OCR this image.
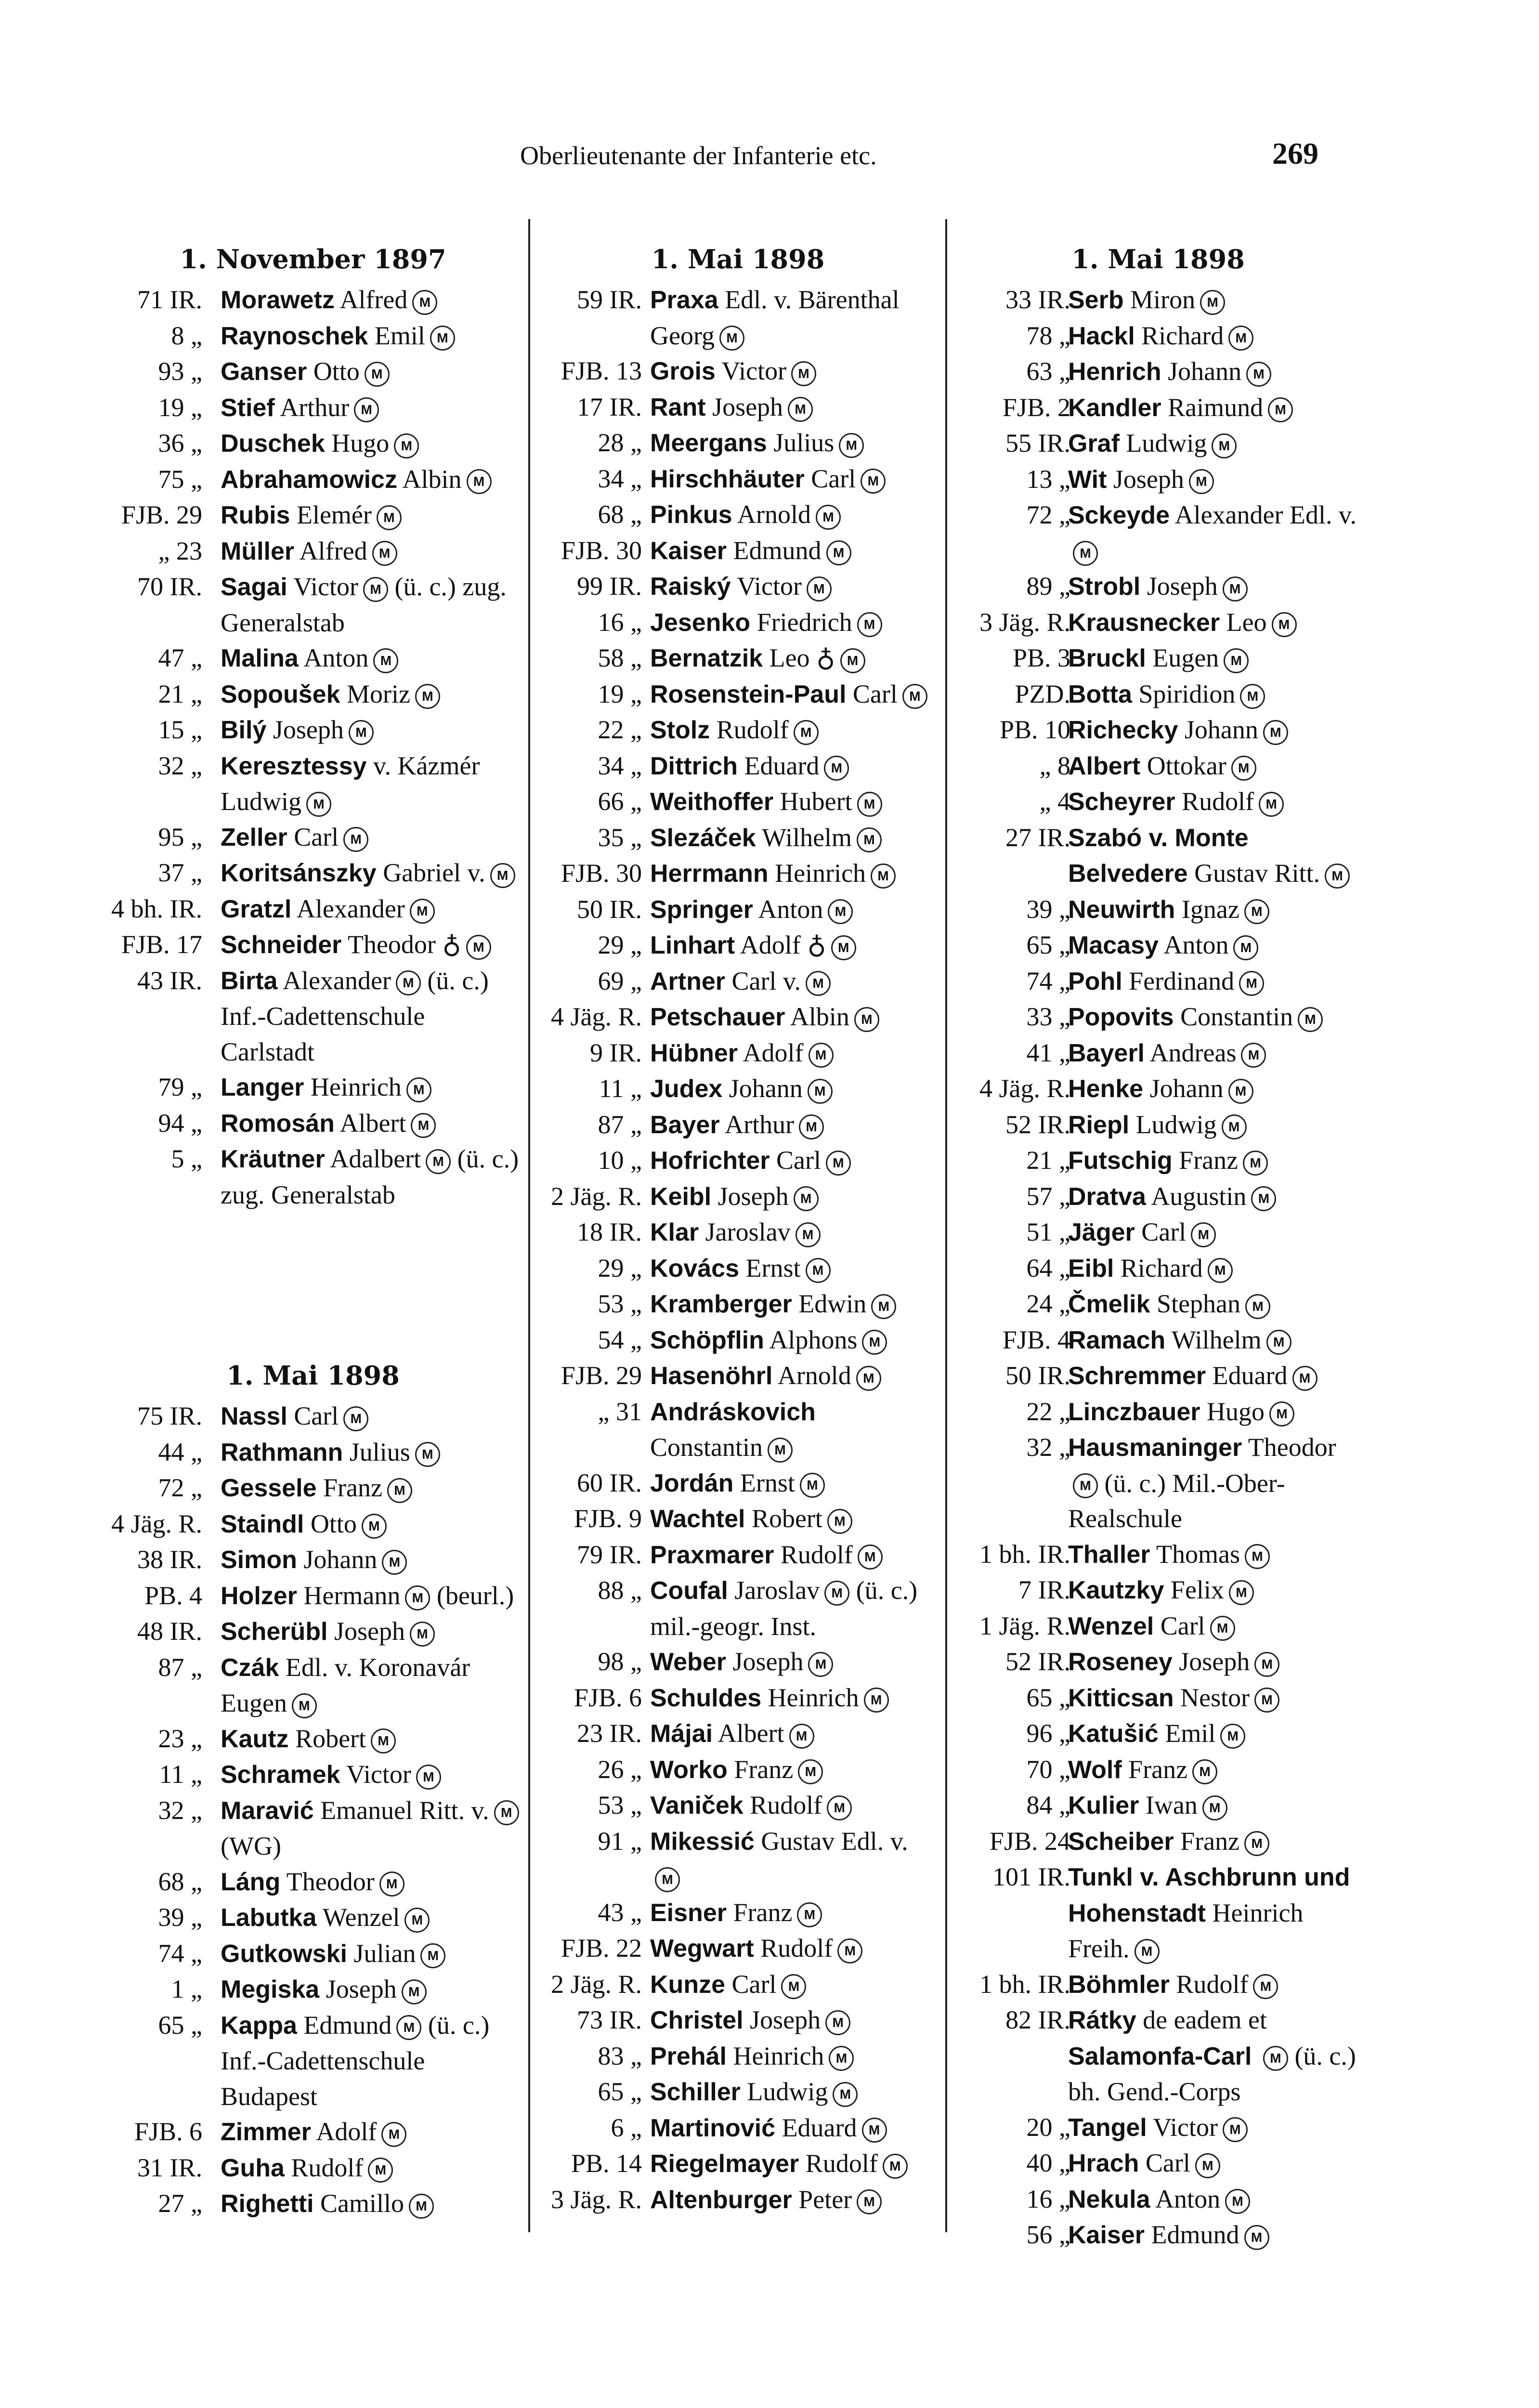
Oberlieutenante der Infanterie etc.	269
1. November 1897
71 IR. Morawetz Alfred M
8 „ Raynoschek Emil M
93 „ Ganser Otto M
19 „ Stief Arthur M
36 „ Duschek Hugo M
75 „ Abrahamowicz Albin M
FJB. 29 Rubis Elemér M
„ 23 Müller Alfred M
70 IR. Sagai Victor M (ü. c.) zug. Generalstab
47 „ Malina Anton M
21 „ Sopoušek Moriz M
15 „ Bilý Joseph M
32 „ Keresztessy v. Kázmér Ludwig M
95 „ Zeller Carl M
37 „ Koritsánszky Gabriel v. M
4 bh. IR. Gratzl Alexander M
FJB. 17 Schneider Theodor ♁ M
43 IR. Birta Alexander M (ü. c.) Inf.-Cadettenschule Carlstadt
79 „ Langer Heinrich M
94 „ Romosán Albert M
5 „ Kräutner Adalbert M (ü. c.) zug. Generalstab
1. Mai 1898
75 IR. Nassl Carl M
44 „ Rathmann Julius M
72 „ Gessele Franz M
4 Jäg. R. Staindl Otto M
38 IR. Simon Johann M
PB. 4 Holzer Hermann M (beurl.)
48 IR. Scherübl Joseph M
87 „ Czák Edl. v. Koronavár Eugen M
23 „ Kautz Robert M
11 „ Schramek Victor M
32 „ Maravić Emanuel Ritt. v. M (WG)
68 „ Láng Theodor M
39 „ Labutka Wenzel M
74 „ Gutkowski Julian M
1 „ Megiska Joseph M
65 „ Kappa Edmund M (ü. c.) Inf.-Cadettenschule Budapest
FJB. 6 Zimmer Adolf M
31 IR. Guha Rudolf M
27 „ Righetti Camillo M
1. Mai 1898
59 IR. Praxa Edl. v. Bärenthal Georg M
FJB. 13 Grois Victor M
17 IR. Rant Joseph M
28 „ Meergans Julius M
34 „ Hirschhäuter Carl M
68 „ Pinkus Arnold M
FJB. 30 Kaiser Edmund M
99 IR. Raiský Victor M
16 „ Jesenko Friedrich M
58 „ Bernatzik Leo ♁ M
19 „ Rosenstein-Paul Carl M
22 „ Stolz Rudolf M
34 „ Dittrich Eduard M
66 „ Weithoffer Hubert M
35 „ Slezáček Wilhelm M
FJB. 30 Herrmann Heinrich M
50 IR. Springer Anton M
29 „ Linhart Adolf ♁ M
69 „ Artner Carl v. M
4 Jäg. R. Petschauer Albin M
9 IR. Hübner Adolf M
11 „ Judex Johann M
87 „ Bayer Arthur M
10 „ Hofrichter Carl M
2 Jäg. R. Keibl Joseph M
18 IR. Klar Jaroslav M
29 „ Kovács Ernst M
53 „ Kramberger Edwin M
54 „ Schöpflin Alphons M
FJB. 29 Hasenöhrl Arnold M
„ 31 Andráskovich Constantin M
60 IR. Jordán Ernst M
FJB. 9 Wachtel Robert M
79 IR. Praxmarer Rudolf M
88 „ Coufal Jaroslav M (ü. c.) mil.-geogr. Inst.
98 „ Weber Joseph M
FJB. 6 Schuldes Heinrich M
23 IR. Májai Albert M
26 „ Worko Franz M
53 „ Vaniček Rudolf M
91 „ Mikessić Gustav Edl. v.M
43 „ Eisner Franz M
FJB. 22 Wegwart Rudolf M
2 Jäg. R. Kunze Carl M
73 IR. Christel Joseph M
83 „ Prehál Heinrich M
65 „ Schiller Ludwig M
6 „ Martinović Eduard M
PB. 14 Riegelmayer Rudolf M
3 Jäg. R. Altenburger Peter M
1. Mai 1898
33 IR.
Serb Miron M
78 „
Hackl Richard M
63 „
Henrich Johann M
FJB. 2
Kandler Raimund M
55 IR.
Graf Ludwig M
13 „
Wit Joseph M
72 „
Sckeyde Alexander Edl. v.M
89 „
Strobl Joseph M
3 Jäg. R.
Krausnecker Leo M
PB. 3
Bruckl Eugen M
PZD.
Botta Spiridion M
PB. 10
Richecky Johann M
„ 8
Albert Ottokar M
„ 4
Scheyrer Rudolf M
27 IR.
Szabó v. Monte Belvedere Gustav Ritt. M
39 „
Neuwirth Ignaz M
65 „
Macasy Anton M
74 „
Pohl Ferdinand M
33 „
Popovits Constantin M
41 „
Bayerl Andreas M
4 Jäg. R.
Henke Johann M
52 IR.
Riepl Ludwig M
21 „
Futschig Franz M
57 „
Dratva Augustin M
51 „
Jäger Carl M
64 „
Eibl Richard M
24 „
Čmelik Stephan M
FJB. 4
Ramach Wilhelm M
50 IR.
Schremmer Eduard M
22 „
Linczbauer Hugo M
32 „
Hausmaninger TheodorM (ü. c.) Mil.-Ober-Realschule
1 bh. IR.
Thaller Thomas M
7 IR.
Kautzky Felix M
1 Jäg. R.
Wenzel Carl M
52 IR.
Roseney Joseph M
65 „
Kitticsan Nestor M
96 „
Katušić Emil M
70 „
Wolf Franz M
84 „
Kulier Iwan M
FJB. 24
Scheiber Franz M
101 IR.
Tunkl v. Aschbrunn und Hohenstadt Heinrich Freih. M
1 bh. IR.
Böhmler Rudolf M
82 IR.
Rátky de eadem et
Salamonfa-Carl M (ü. c.) bh. Gend.-Corps
20 „
Tangel Victor M
40 „
Hrach Carl M
16 „
Nekula Anton M
56 „
Kaiser Edmund M
